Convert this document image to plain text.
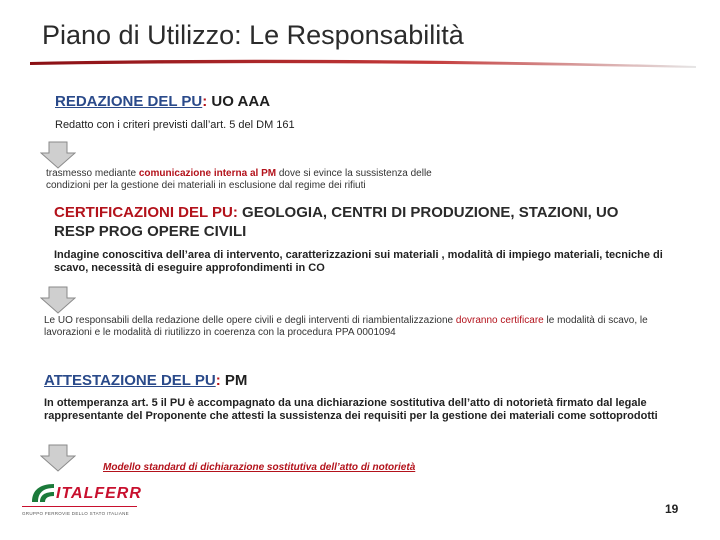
Piano di Utilizzo: Le Responsabilità
REDAZIONE DEL PU: UO AAA
Redatto con i criteri previsti dall’art. 5 del DM 161
trasmesso mediante comunicazione interna al PM dove si evince la sussistenza delle condizioni per la gestione dei materiali in esclusione dal regime dei rifiuti
CERTIFICAZIONI DEL PU: GEOLOGIA, CENTRI DI PRODUZIONE, STAZIONI, UO RESP PROG OPERE CIVILI
Indagine conoscitiva dell’area di intervento, caratterizzazioni sui materiali , modalità di impiego materiali, tecniche di scavo, necessità di eseguire approfondimenti in CO
Le UO responsabili della redazione delle opere civili e degli interventi di riambientalizzazione dovranno certificare le modalità di scavo, le lavorazioni e le modalità di riutilizzo in coerenza con la procedura PPA 0001094
ATTESTAZIONE DEL PU: PM
In ottemperanza art. 5 il PU è accompagnato da una dichiarazione sostitutiva dell’atto di notorietà firmato dal legale rappresentante del Proponente che attesti la sussistenza dei requisiti per la gestione dei materiali come sottoprodotti
Modello standard di dichiarazione sostitutiva dell’atto di notorietà
ITALFERR
GRUPPO FERROVIE DELLO STATO ITALIANE	19
